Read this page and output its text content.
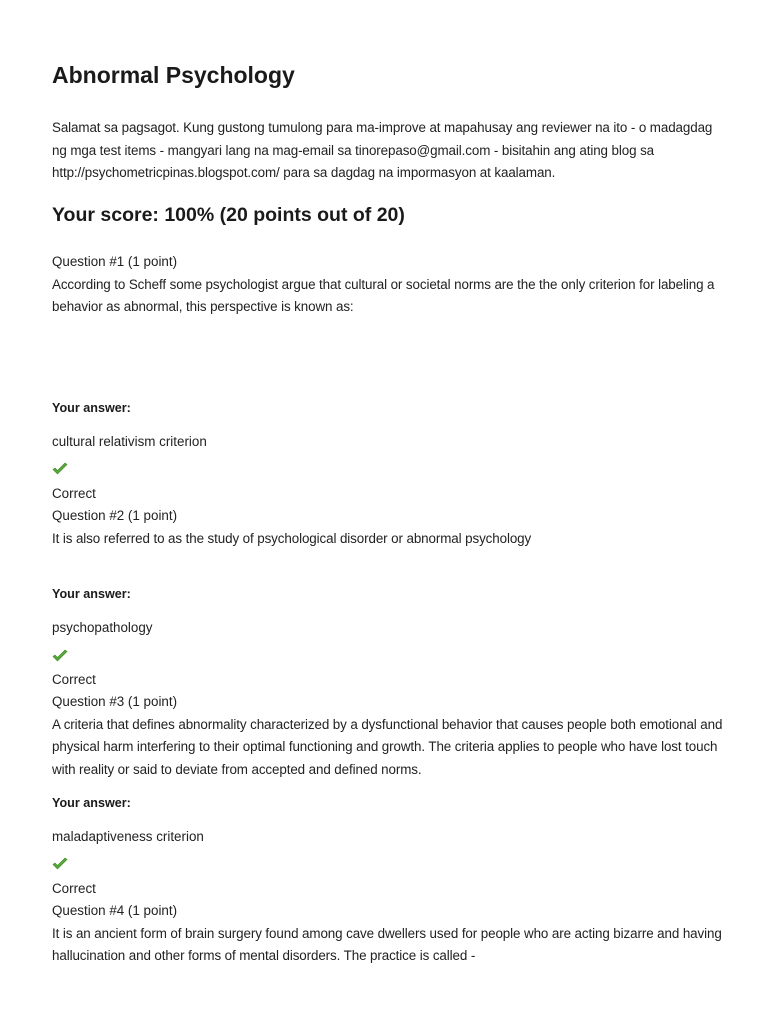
Abnormal Psychology

Salamat sa pagsagot. Kung gustong tumulong para ma-improve at mapahusay ang reviewer na ito - o madagdag ng mga test items - mangyari lang na mag-email sa tinorepaso@gmail.com - bisitahin ang ating blog sa http://psychometricpinas.blogspot.com/ para sa dagdag na impormasyon at kaalaman.

Your score: 100% (20 points out of 20)

Question #1 (1 point)

According to Scheff some psychologist argue that cultural or societal norms are the the only criterion for labeling a behavior as abnormal, this perspective is known as:

Your answer:

cultural relativism criterion

Correct

Question #2 (1 point)

It is also referred to as the study of psychological disorder or abnormal psychology

Your answer:

psychopathology

Correct

Question #3 (1 point)

A criteria that defines abnormality characterized by a dysfunctional behavior that causes people both emotional and physical harm interfering to their optimal functioning and growth. The criteria applies to people who have lost touch with reality or said to deviate from accepted and defined norms.

Your answer:

maladaptiveness criterion

Correct

Question #4 (1 point)

It is an ancient form of brain surgery found among cave dwellers used for people who are acting bizarre and having hallucination and other forms of mental disorders. The practice is called -
